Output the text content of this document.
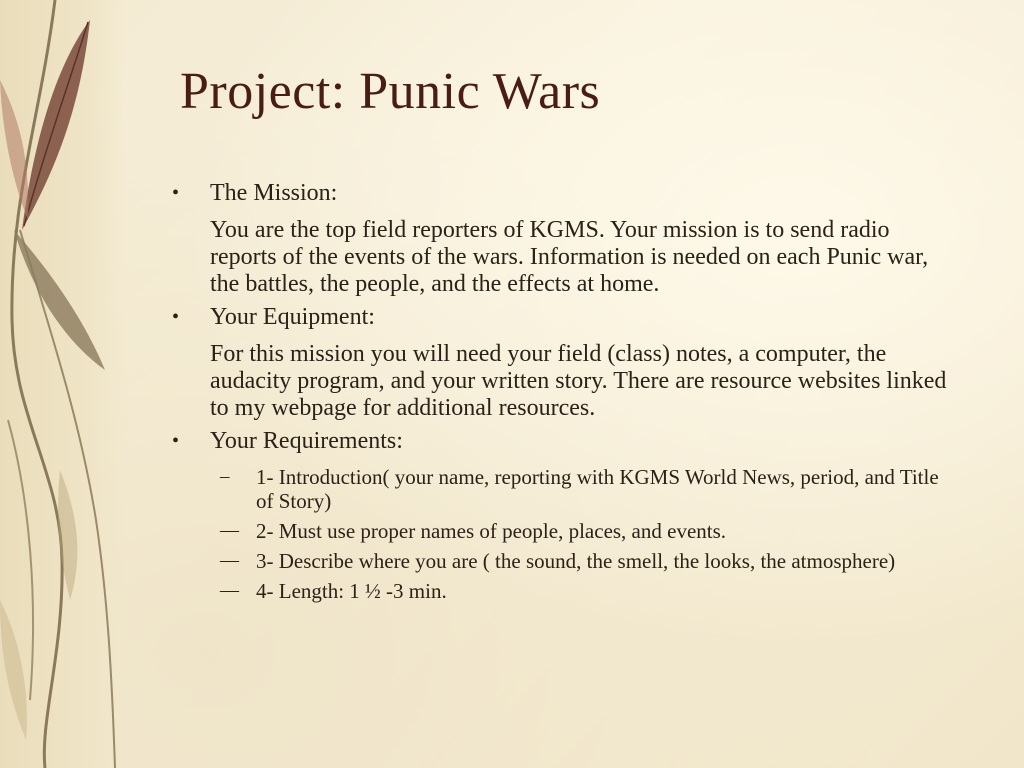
Project: Punic Wars
• The Mission:

You are the top field reporters of KGMS. Your mission is to send radio reports of the events of the wars. Information is needed on each Punic war, the battles, the people, and the effects at home.

• Your Equipment:

For this mission you will need your field (class) notes, a computer, the audacity program, and your written story. There are resource websites linked to my webpage for additional resources.

• Your Requirements:

– 1- Introduction( your name, reporting with KGMS World News, period, and Title of Story)
— 2- Must use proper names of people, places, and events.
— 3- Describe where you are ( the sound, the smell, the looks, the atmosphere)
— 4- Length: 1 ½ -3 min.
